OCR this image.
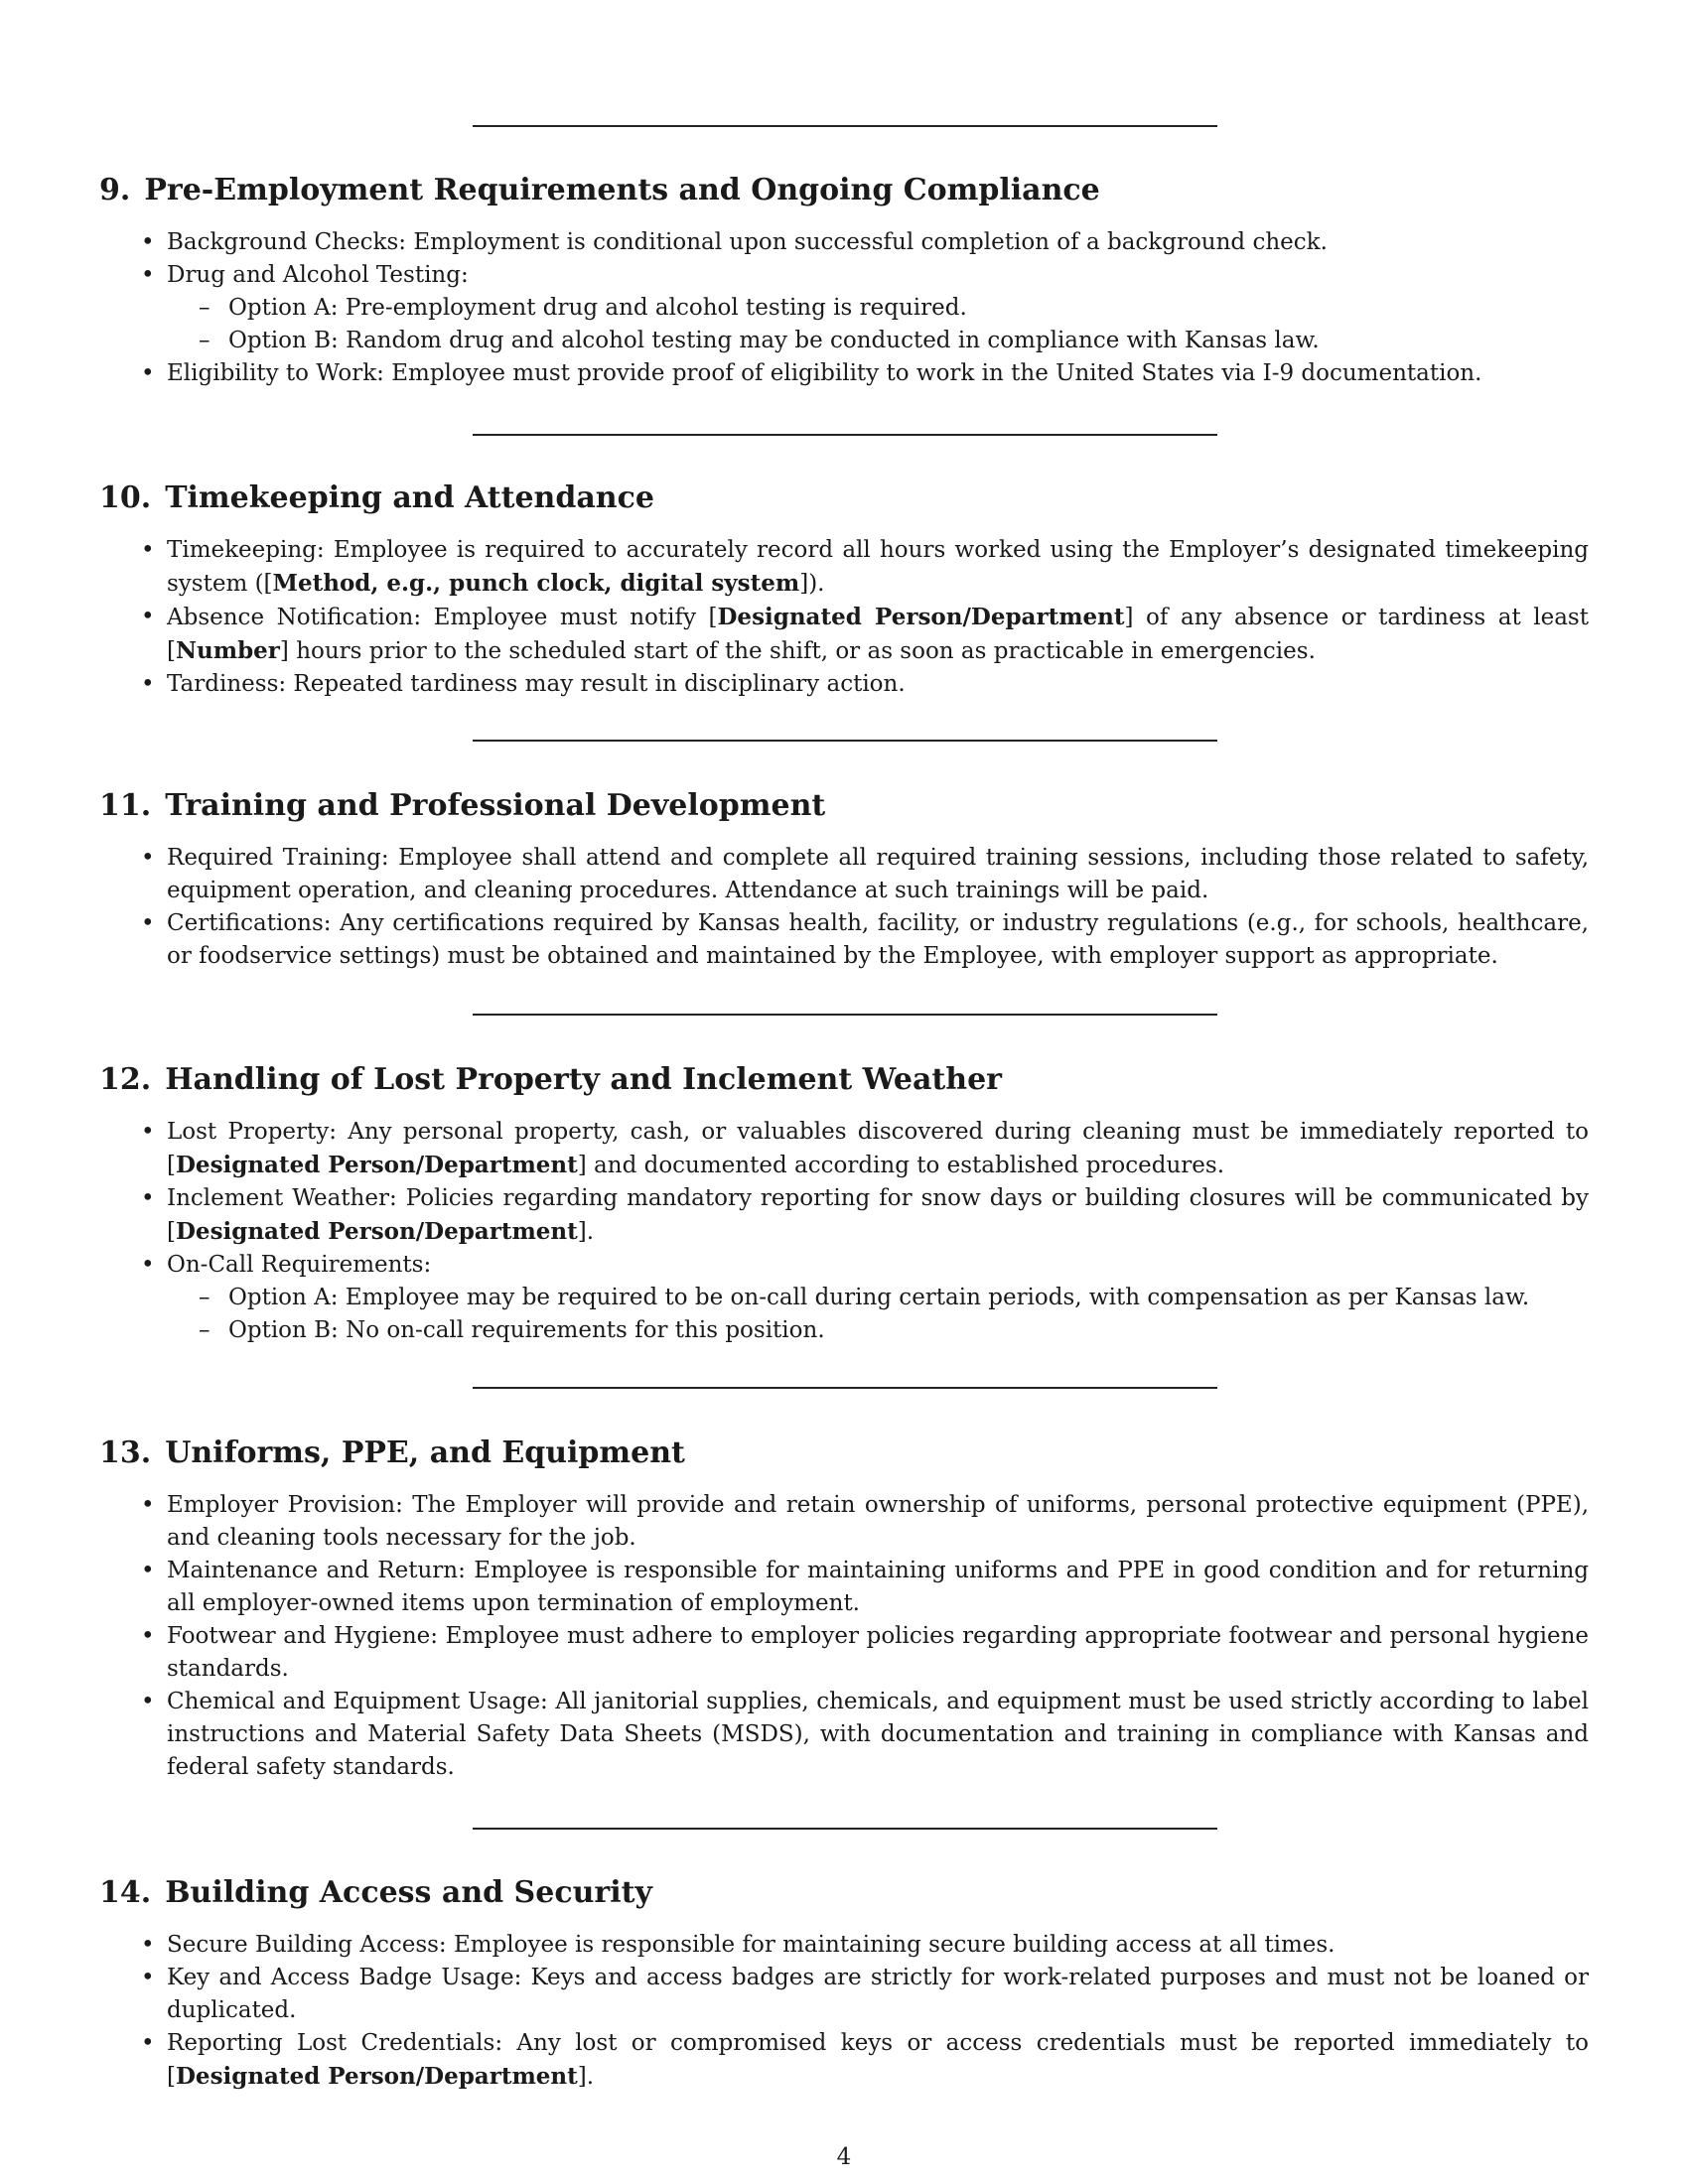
9. Pre-Employment Requirements and Ongoing Compliance
• Background Checks: Employment is conditional upon successful completion of a background check.
• Drug and Alcohol Testing:
– Option A: Pre-employment drug and alcohol testing is required.
– Option B: Random drug and alcohol testing may be conducted in compliance with Kansas law.
• Eligibility to Work: Employee must provide proof of eligibility to work in the United States via I-9 documentation.
10. Timekeeping and Attendance
• Timekeeping: Employee is required to accurately record all hours worked using the Employer’s designated timekeeping system ([Method, e.g., punch clock, digital system]).
• Absence Notification: Employee must notify [Designated Person/Department] of any absence or tardiness at least [Number] hours prior to the scheduled start of the shift, or as soon as practicable in emergencies.
• Tardiness: Repeated tardiness may result in disciplinary action.
11. Training and Professional Development
• Required Training: Employee shall attend and complete all required training sessions, including those related to safety, equipment operation, and cleaning procedures. Attendance at such trainings will be paid.
• Certifications: Any certifications required by Kansas health, facility, or industry regulations (e.g., for schools, healthcare, or foodservice settings) must be obtained and maintained by the Employee, with employer support as appropriate.
12. Handling of Lost Property and Inclement Weather
• Lost Property: Any personal property, cash, or valuables discovered during cleaning must be immediately reported to [Designated Person/Department] and documented according to established procedures.
• Inclement Weather: Policies regarding mandatory reporting for snow days or building closures will be communicated by [Designated Person/Department].
• On-Call Requirements:
– Option A: Employee may be required to be on-call during certain periods, with compensation as per Kansas law.
– Option B: No on-call requirements for this position.
13. Uniforms, PPE, and Equipment
• Employer Provision: The Employer will provide and retain ownership of uniforms, personal protective equipment (PPE), and cleaning tools necessary for the job.
• Maintenance and Return: Employee is responsible for maintaining uniforms and PPE in good condition and for returning all employer-owned items upon termination of employment.
• Footwear and Hygiene: Employee must adhere to employer policies regarding appropriate footwear and personal hygiene standards.
• Chemical and Equipment Usage: All janitorial supplies, chemicals, and equipment must be used strictly according to label instructions and Material Safety Data Sheets (MSDS), with documentation and training in compliance with Kansas and federal safety standards.
14. Building Access and Security
• Secure Building Access: Employee is responsible for maintaining secure building access at all times.
• Key and Access Badge Usage: Keys and access badges are strictly for work-related purposes and must not be loaned or duplicated.
• Reporting Lost Credentials: Any lost or compromised keys or access credentials must be reported immediately to [Designated Person/Department].
4
